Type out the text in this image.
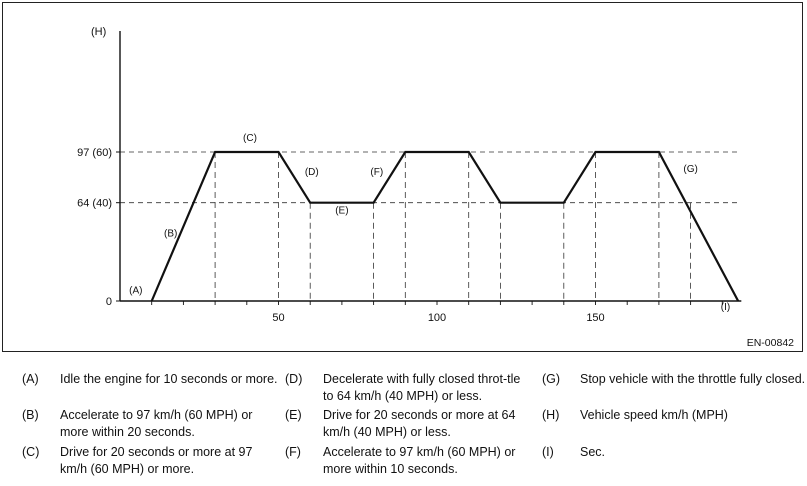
(H)
97 (60)
64 (40)
0
50	100	150
(A)
(B)
(C)
(D)
(E)
(F)	(G)
(I)
EN-00842
(A) Idle the engine for 10 seconds or more.
(B) Accelerate to 97 km/h (60 MPH) or more within 20 seconds.
(C) Drive for 20 seconds or more at 97 km/h (60 MPH) or more.
(D) Decelerate with fully closed throt-tle to 64 km/h (40 MPH) or less.
(E) Drive for 20 seconds or more at 64 km/h (40 MPH) or less.
(F) Accelerate to 97 km/h (60 MPH) or more within 10 seconds.
(G) Stop vehicle with the throttle fully closed.
(H) Vehicle speed km/h (MPH)
(I) Sec.
